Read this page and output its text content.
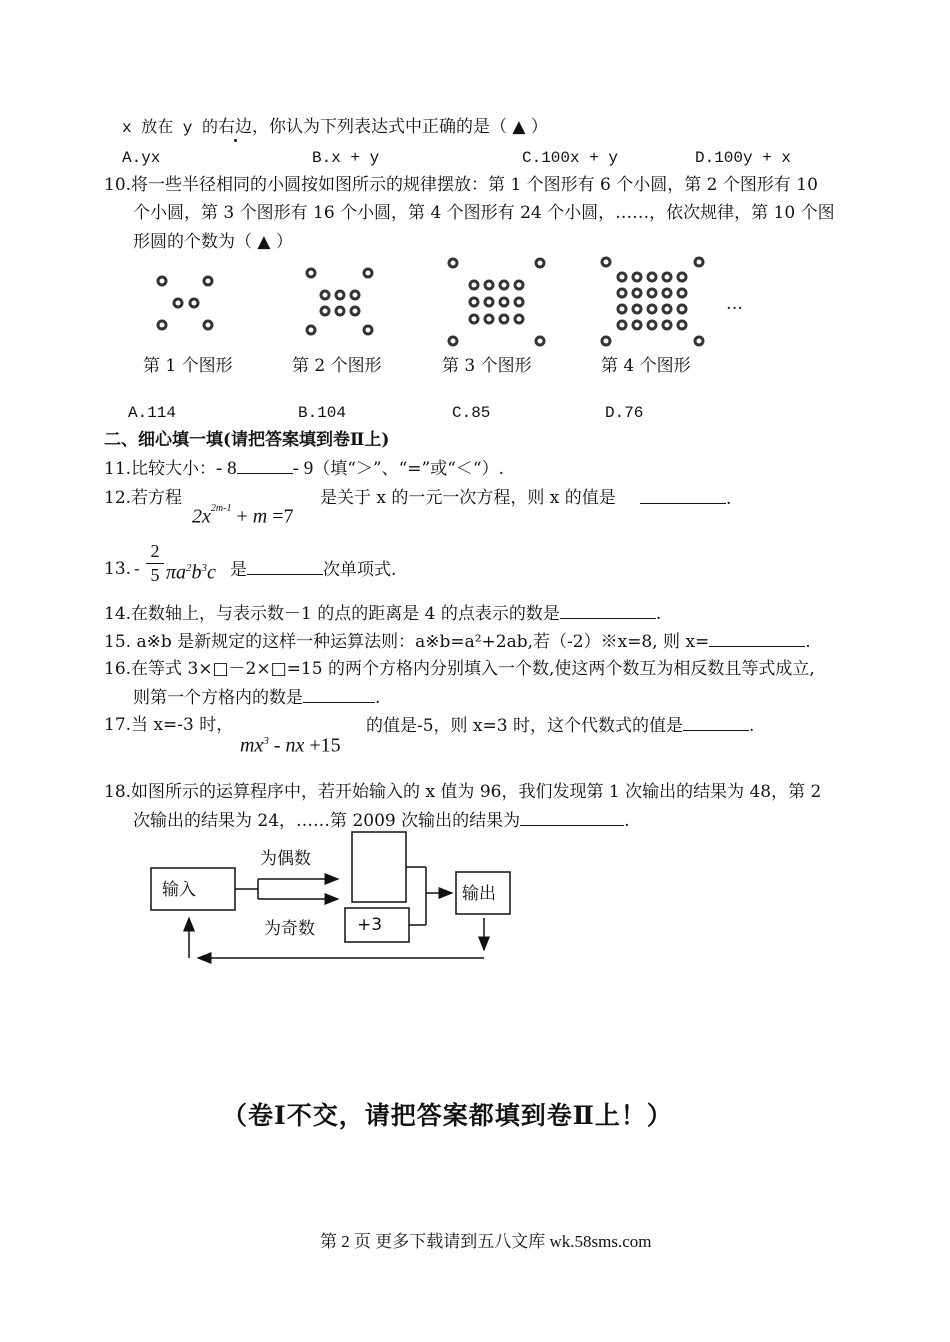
x 放在 y 的右边，你认为下列表达式中正确的是（ ▲ ）
A.yx	B.x + y	C.100x + y	D.100y + x
10.将一些半径相同的小圆按如图所示的规律摆放：第 1 个图形有 6 个小圆，第 2 个图形有 10
个小圆，第 3 个图形有 16 个小圆，第 4 个图形有 24 个小圆，……，依次规律，第 10 个图
形圆的个数为（ ▲ ）
第 1 个图形	第 2 个图形	第 3 个图形	第 4 个图形
…
A.114	B.104	C.85	D.76
二、细心填一填(请把答案填到卷Ⅱ上)
11.比较大小：- 8	- 9（填“＞”、“=”或“＜“）.
12.若方程
$2x^{2m-1} + m =7$
是关于 x 的一元一次方程，则 x 的值是	.
13. -
2
5 $\pi a^2b^3c$ 是	次单项式.
14.在数轴上，与表示数－1 的点的距离是 4 的点表示的数是	.
15. a※b 是新规定的这样一种运算法则：a※b=a²+2ab,若（-2）※x=8, 则 x=	.
16.在等式 3×□－2×□=15 的两个方格内分别填入一个数,使这两个数互为相反数且等式成立,
则第一个方格内的数是	.
17.当 x=-3 时，
$mx^3$ - nx +15
的值是-5，则 x=3 时，这个代数式的值是	.
18.如图所示的运算程序中，若开始输入的 x 值为 96，我们发现第 1 次输出的结果为 48，第 2
次输出的结果为 24，……第 2009 次输出的结果为	.
输入
为偶数
为奇数 +3
输出
（卷Ⅰ不交，请把答案都填到卷Ⅱ上！）
第 2 页 更多下载请到五八文库 wk.58sms.com
